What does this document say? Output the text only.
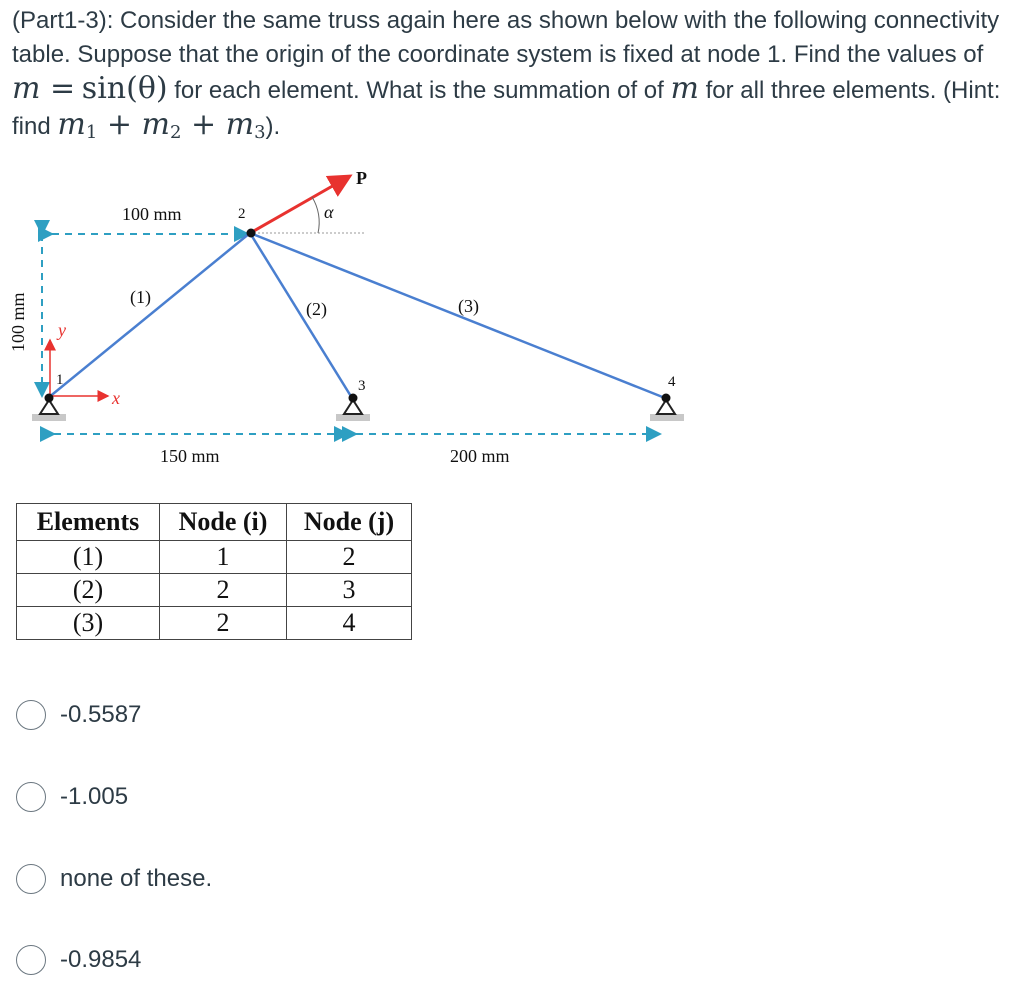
(Part1-3): Consider the same truss again here as shown below with the following connectivity table. Suppose that the origin of the coordinate system is fixed at node 1. Find the values of m = sin(θ) for each element. What is the summation of of m for all three elements. (Hint: find $m_1 + m_2 + m_3$).
100 mm
100 mm
150 mm	200 mm
P
α
x
y
1
2
3	4
(1)
(2)	(3)
Elements	Node (i)	Node (j)
(1)	1	2
(2)	2	3
(3)	2	4
-0.5587
-1.005
none of these.
-0.9854
